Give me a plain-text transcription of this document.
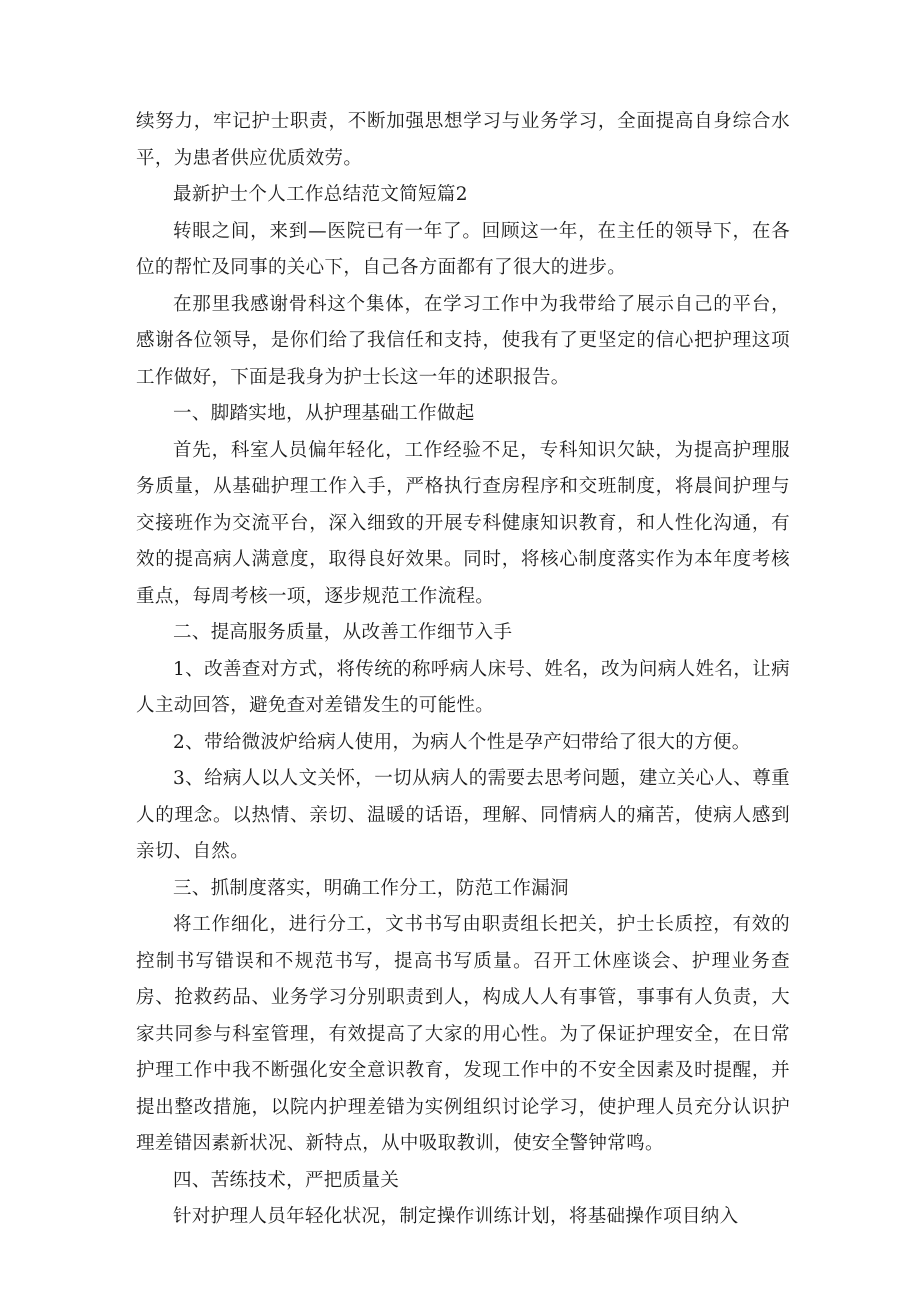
续努力，牢记护士职责，不断加强思想学习与业务学习，全面提高自身综合水平，为患者供应优质效劳。

最新护士个人工作总结范文简短篇2

转眼之间，来到—医院已有一年了。回顾这一年，在主任的领导下，在各位的帮忙及同事的关心下，自己各方面都有了很大的进步。

在那里我感谢骨科这个集体，在学习工作中为我带给了展示自己的平台，感谢各位领导，是你们给了我信任和支持，使我有了更坚定的信心把护理这项工作做好，下面是我身为护士长这一年的述职报告。

一、脚踏实地，从护理基础工作做起

首先，科室人员偏年轻化，工作经验不足，专科知识欠缺，为提高护理服务质量，从基础护理工作入手，严格执行查房程序和交班制度，将晨间护理与交接班作为交流平台，深入细致的开展专科健康知识教育，和人性化沟通，有效的提高病人满意度，取得良好效果。同时，将核心制度落实作为本年度考核重点，每周考核一项，逐步规范工作流程。

二、提高服务质量，从改善工作细节入手

1、改善查对方式，将传统的称呼病人床号、姓名，改为问病人姓名，让病人主动回答，避免查对差错发生的可能性。

2、带给微波炉给病人使用，为病人个性是孕产妇带给了很大的方便。

3、给病人以人文关怀，一切从病人的需要去思考问题，建立关心人、尊重人的理念。以热情、亲切、温暖的话语，理解、同情病人的痛苦，使病人感到亲切、自然。

三、抓制度落实，明确工作分工，防范工作漏洞

将工作细化，进行分工，文书书写由职责组长把关，护士长质控，有效的控制书写错误和不规范书写，提高书写质量。召开工休座谈会、护理业务查房、抢救药品、业务学习分别职责到人，构成人人有事管，事事有人负责，大家共同参与科室管理，有效提高了大家的用心性。为了保证护理安全，在日常护理工作中我不断强化安全意识教育，发现工作中的不安全因素及时提醒，并提出整改措施，以院内护理差错为实例组织讨论学习，使护理人员充分认识护理差错因素新状况、新特点，从中吸取教训，使安全警钟常鸣。

四、苦练技术，严把质量关

针对护理人员年轻化状况，制定操作训练计划，将基础操作项目纳入
